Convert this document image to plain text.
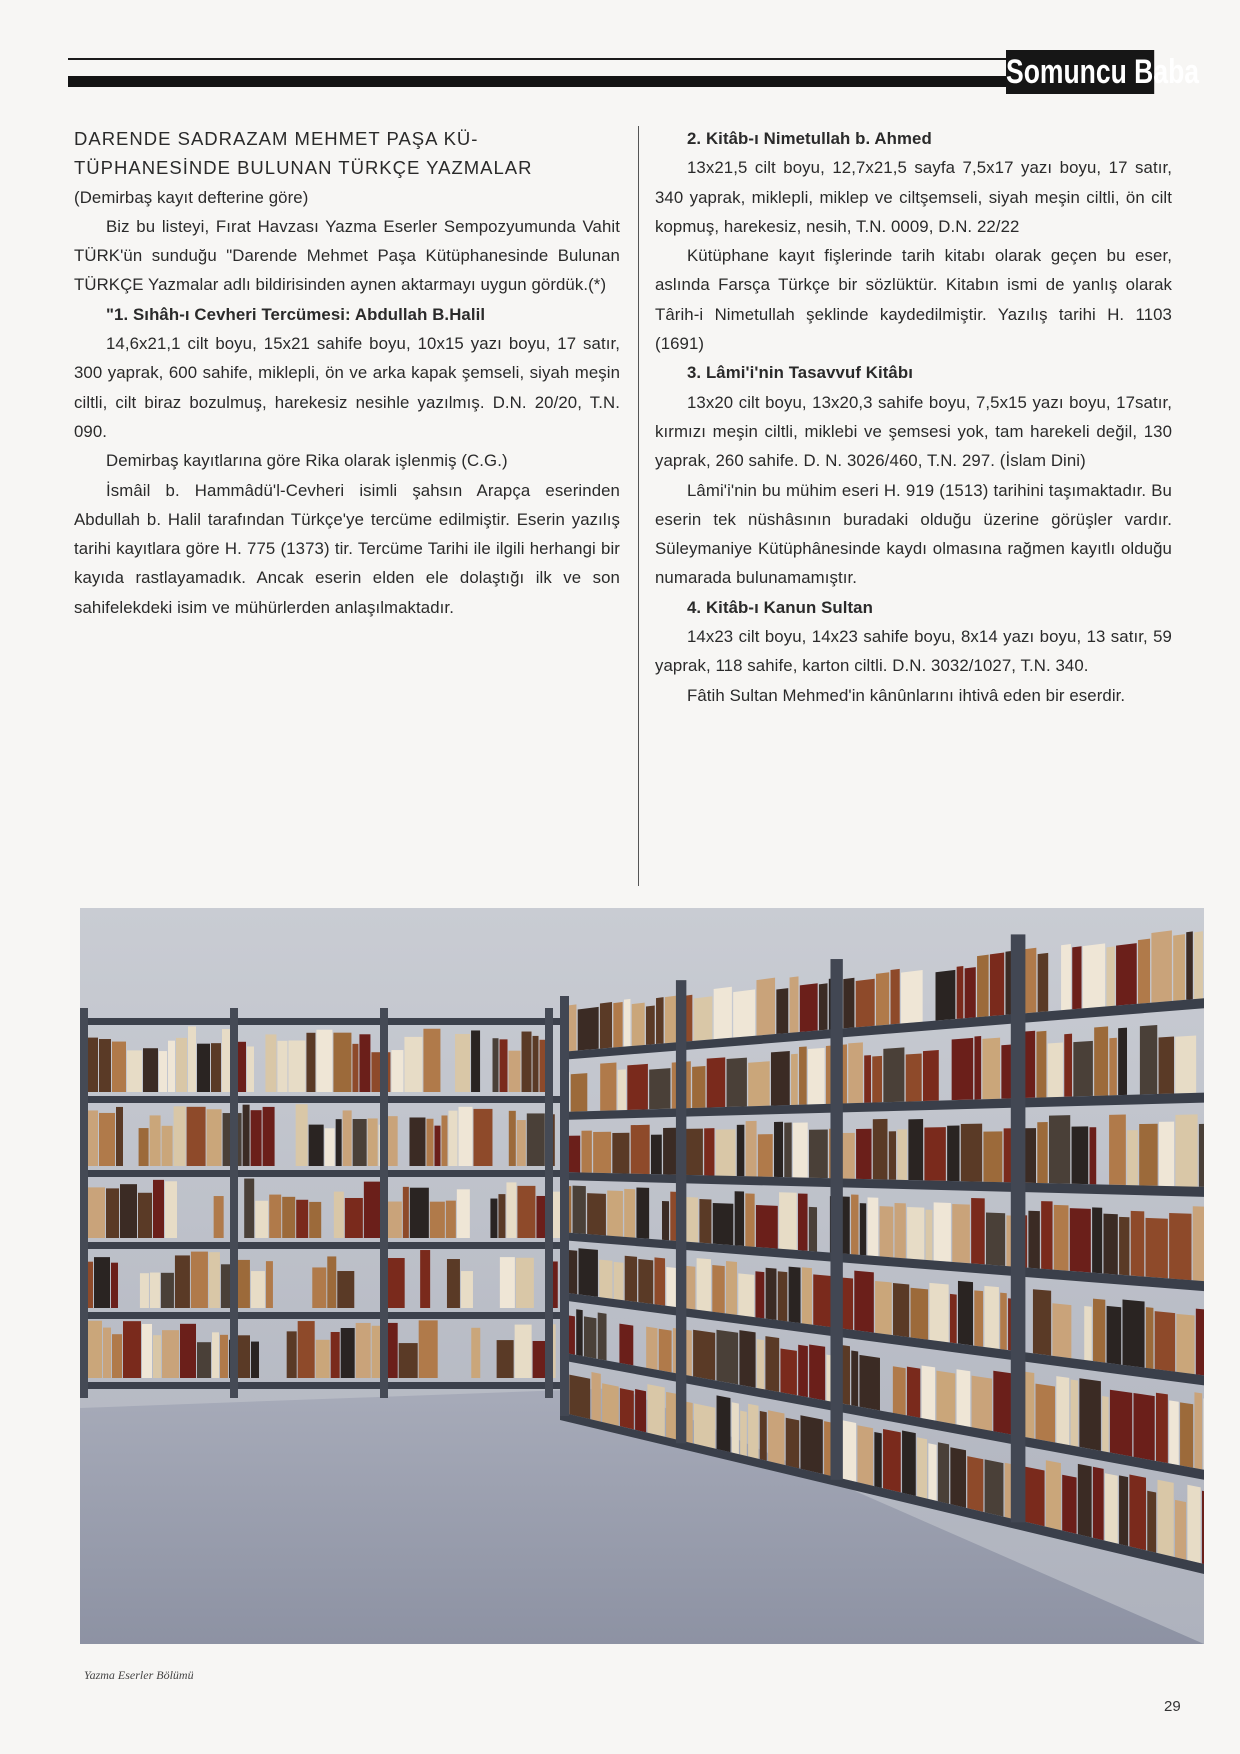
Somuncu Baba

DARENDE SADRAZAM MEHMET PAŞA KÜ-

TÜPHANESİNDE BULUNAN TÜRKÇE YAZMALAR

(Demirbaş kayıt defterine göre)

Biz bu listeyi, Fırat Havzası Yazma Eserler Sempozyumunda Vahit TÜRK'ün sunduğu "Darende Mehmet Paşa Kütüphanesinde Bulunan TÜRKÇE Yazmalar adlı bildirisinden aynen aktarmayı uygun gördük.(*)

"1. Sıhâh-ı Cevheri Tercümesi: Abdullah B.Halil

14,6x21,1 cilt boyu, 15x21 sahife boyu, 10x15 yazı boyu, 17 satır, 300 yaprak, 600 sahife, miklepli, ön ve arka kapak şemseli, siyah meşin ciltli, cilt biraz bozulmuş, harekesiz nesihle yazılmış. D.N. 20/20, T.N. 090.

Demirbaş kayıtlarına göre Rika olarak işlenmiş (C.G.)

İsmâil b. Hammâdü'l-Cevheri isimli şahsın Arapça eserinden Abdullah b. Halil tarafından Türkçe'ye tercüme edilmiştir. Eserin yazılış tarihi kayıtlara göre H. 775 (1373) tir. Tercüme Tarihi ile ilgili herhangi bir kayıda rastlayamadık. Ancak eserin elden ele dolaştığı ilk ve son sahifelekdeki isim ve mühürlerden anlaşılmaktadır.

2. Kitâb-ı Nimetullah b. Ahmed

13x21,5 cilt boyu, 12,7x21,5 sayfa 7,5x17 yazı boyu, 17 satır, 340 yaprak, miklepli, miklep ve ciltşemseli, siyah meşin ciltli, ön cilt kopmuş, harekesiz, nesih, T.N. 0009, D.N. 22/22

Kütüphane kayıt fişlerinde tarih kitabı olarak geçen bu eser, aslında Farsça Türkçe bir sözlüktür. Kitabın ismi de yanlış olarak Târih-i Nimetullah şeklinde kaydedilmiştir. Yazılış tarihi H. 1103 (1691)

3. Lâmi'i'nin Tasavvuf Kitâbı

13x20 cilt boyu, 13x20,3 sahife boyu, 7,5x15 yazı boyu, 17satır, kırmızı meşin ciltli, miklebi ve şemsesi yok, tam harekeli değil, 130 yaprak, 260 sahife. D. N. 3026/460, T.N. 297. (İslam Dini)

Lâmi'i'nin bu mühim eseri H. 919 (1513) tarihini taşımaktadır. Bu eserin tek nüshâsının buradaki olduğu üzerine görüşler vardır. Süleymaniye Kütüphânesinde kaydı olmasına rağmen kayıtlı olduğu numarada bulunamamıştır.

4. Kitâb-ı Kanun Sultan

14x23 cilt boyu, 14x23 sahife boyu, 8x14 yazı boyu, 13 satır, 59 yaprak, 118 sahife, karton ciltli. D.N. 3032/1027, T.N. 340.

Fâtih Sultan Mehmed'in kânûnlarını ihtivâ eden bir eserdir.

Yazma Eserler Bölümü
29
